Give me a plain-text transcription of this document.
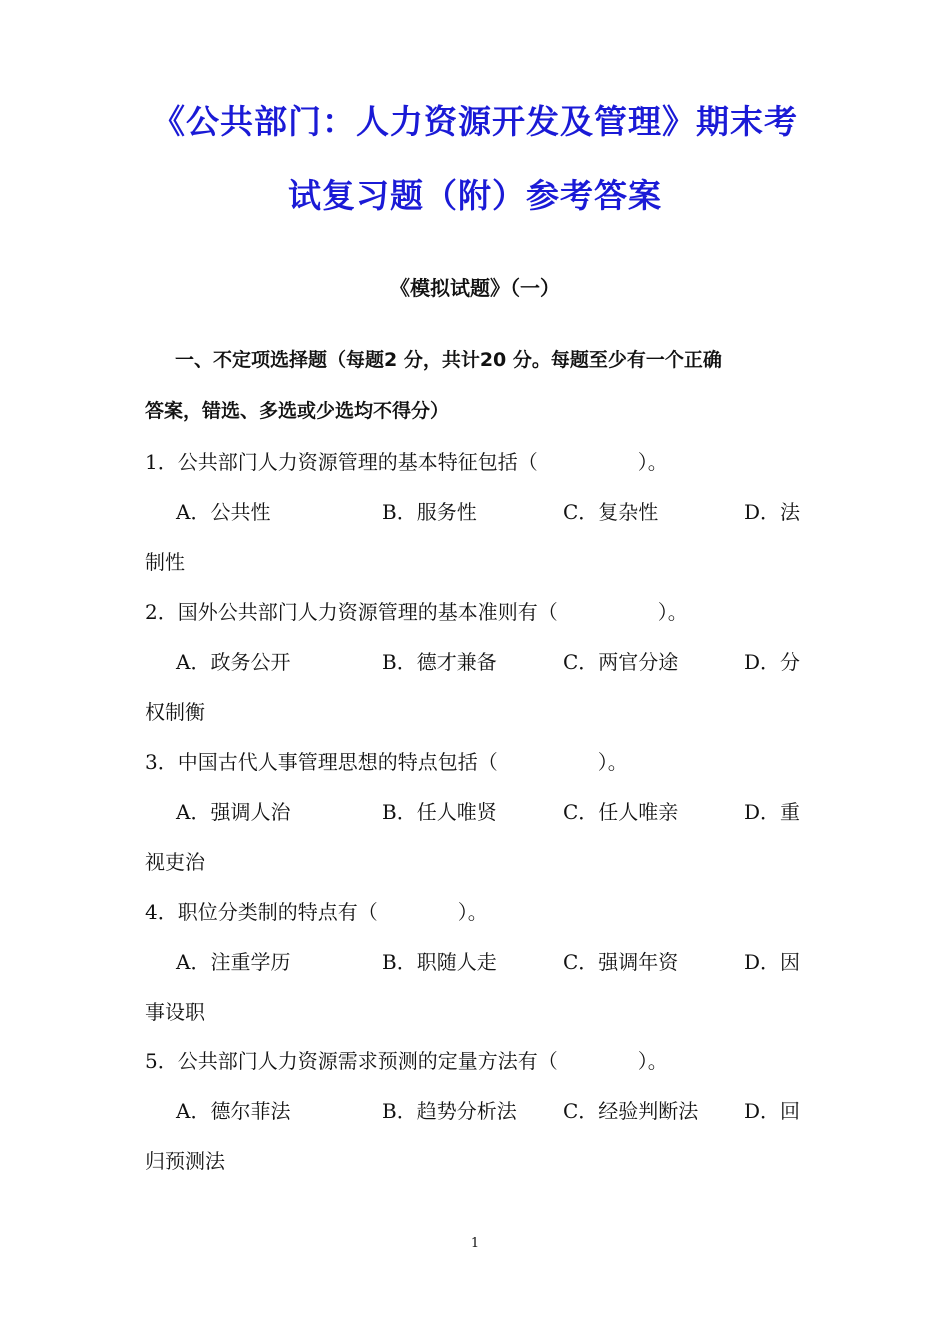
《公共部门：人力资源开发及管理》期末考
试复习题（附）参考答案
《模拟试题》（一）
一、不定项选择题（每题2 分，共计20 分。每题至少有一个正确
答案，错选、多选或少选均不得分）
1．公共部门人力资源管理的基本特征包括（　　　　　）。
A．公共性	B．服务性	C．复杂性	D．法
制性
2．国外公共部门人力资源管理的基本准则有（　　　　　）。
A．政务公开	B．德才兼备	C．两官分途	D．分
权制衡
3．中国古代人事管理思想的特点包括（　　　　　）。
A．强调人治	B．任人唯贤	C．任人唯亲	D．重
视吏治
4．职位分类制的特点有（　　　　）。
A．注重学历	B．职随人走	C．强调年资	D．因
事设职
5．公共部门人力资源需求预测的定量方法有（　　　　）。
A．德尔菲法	B．趋势分析法 C．经验判断法 D．回
归预测法
1
